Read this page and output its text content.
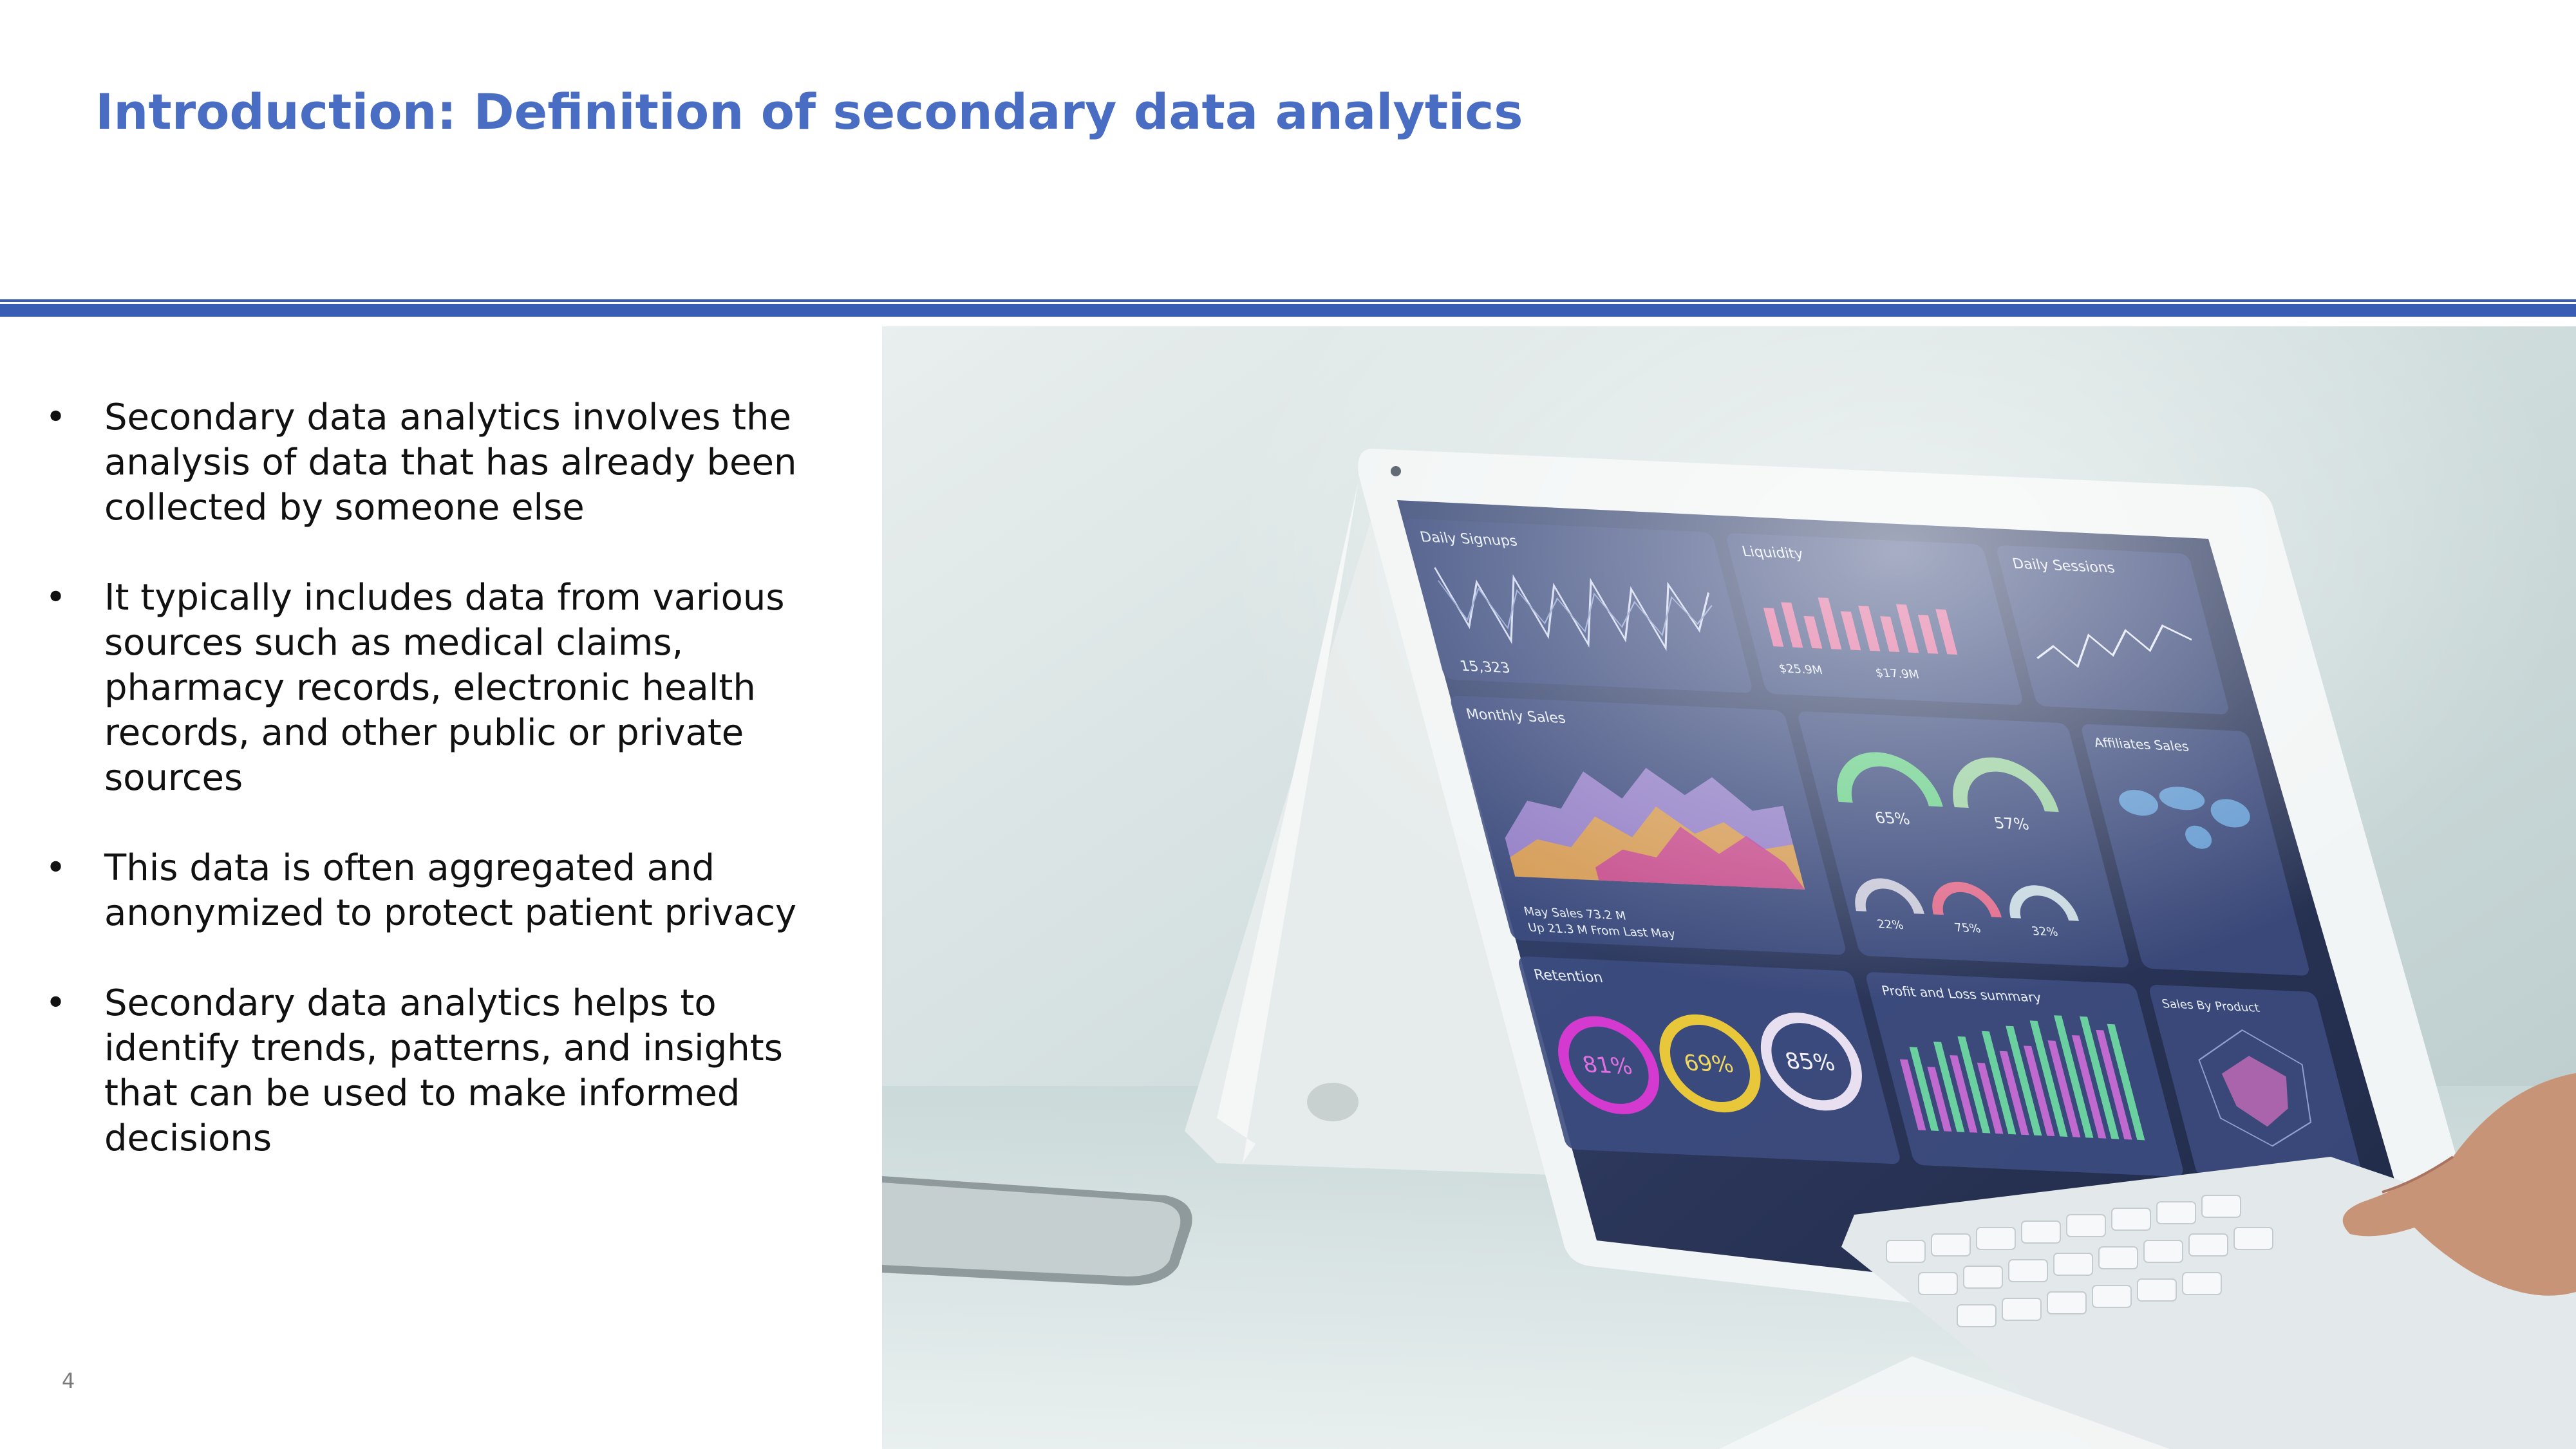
Introduction: Definition of secondary data analytics
• Secondary data analytics involves the analysis of data that has already been collected by someone else
• It typically includes data from various sources such as medical claims, pharmacy records, electronic health records, and other public or private sources
• This data is often aggregated and anonymized to protect patient privacy
• Secondary data analytics helps to identify trends, patterns, and insights that can be used to make informed decisions
4
